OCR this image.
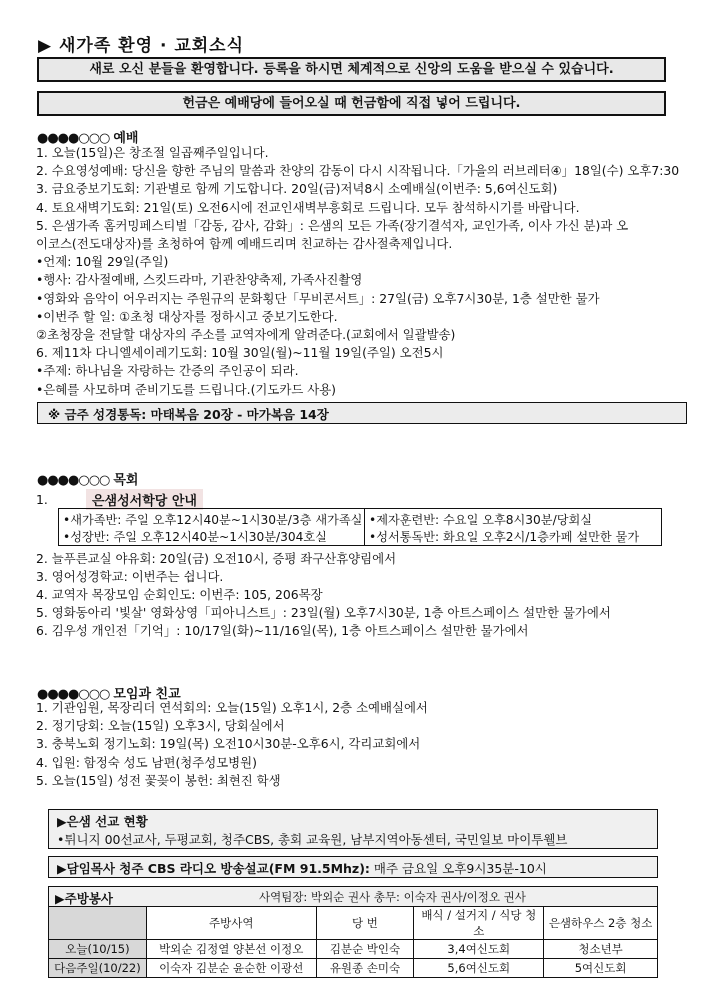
▶ 새가족 환영 · 교회소식
새로 오신 분들을 환영합니다. 등록을 하시면 체계적으로 신앙의 도움을 받으실 수 있습니다.
헌금은 예배당에 들어오실 때 헌금함에 직접 넣어 드립니다.
●●●●○○○ 예배
1. 오늘(15일)은 창조절 일곱째주일입니다.
2. 수요영성예배: 당신을 향한 주님의 말씀과 찬양의 감동이 다시 시작됩니다.「가을의 러브레터④」18일(수) 오후7:30
3. 금요중보기도회: 기관별로 함께 기도합니다. 20일(금)저녁8시 소예배실(이번주: 5,6여신도회)
4. 토요새벽기도회: 21일(토) 오전6시에 전교인새벽부흥회로 드립니다. 모두 참석하시기를 바랍니다.
5. 은샘가족 홈커밍페스티벌「감동, 감사, 감화」: 은샘의 모든 가족(장기결석자, 교인가족, 이사 가신 분)과 오
이코스(전도대상자)를 초청하여 함께 예배드리며 친교하는 감사절축제입니다.
•언제: 10월 29일(주일)
•행사: 감사절예배, 스킷드라마, 기관찬양축제, 가족사진촬영
•영화와 음악이 어우러지는 주원규의 문화횡단「무비콘서트」: 27일(금) 오후7시30분, 1층 설만한 물가
•이번주 할 일: ①초청 대상자를 정하시고 중보기도한다.
②초청장을 전달할 대상자의 주소를 교역자에게 알려준다.(교회에서 일괄발송)
6. 제11차 다니엘세이레기도회: 10월 30일(월)~11월 19일(주일) 오전5시
•주제: 하나님을 자랑하는 간증의 주인공이 되라.
•은혜를 사모하며 준비기도를 드립니다.(기도카드 사용)
※ 금주 성경통독: 마태복음 20장 - 마가복음 14장
●●●●○○○ 목회
1.	은샘성서학당 안내
•새가족반: 주일 오후12시40분~1시30분/3층 새가족실 •제자훈련반: 수요일 오후8시30분/당회실
•성장반: 주일 오후12시40분~1시30분/304호실	•성서통독반: 화요일 오후2시/1층카페 설만한 물가
2. 늘푸른교실 야유회: 20일(금) 오전10시, 증평 좌구산휴양림에서
3. 영어성경학교: 이번주는 쉽니다.
4. 교역자 목장모임 순회인도: 이번주: 105, 206목장
5. 영화동아리 '빛살' 영화상영「피아니스트」: 23일(월) 오후7시30분, 1층 아트스페이스 설만한 물가에서
6. 김우성 개인전「기억」: 10/17일(화)~11/16일(목), 1층 아트스페이스 설만한 물가에서
●●●●○○○ 모임과 친교
1. 기관임원, 목장리더 연석회의: 오늘(15일) 오후1시, 2층 소예배실에서
2. 정기당회: 오늘(15일) 오후3시, 당회실에서
3. 충북노회 정기노회: 19일(목) 오전10시30분-오후6시, 각리교회에서
4. 입원: 함정숙 성도 남편(청주성모병원)
5. 오늘(15일) 성전 꽃꽂이 봉헌: 최현진 학생
▶은샘 선교 현황
•튀니지 00선교사, 두평교회, 청주CBS, 총회 교육원, 남부지역아동센터, 국민일보 마이투웰브
▶담임목사 청주 CBS 라디오 방송설교(FM 91.5Mhz): 매주 금요일 오후9시35분-10시
▶주방봉사	사역팀장: 박외순 권사 총무: 이숙자 권사/이정오 권사
	주방사역	당 번	배식 / 설거지 / 식당 청소	은샘하우스 2층 청소
오늘(10/15)	박외순 김정열 양본선 이정오	김분순 박인숙	3,4여신도회	청소년부
다음주일(10/22)	이숙자 김분순 윤순한 이광선	유원종 손미숙	5,6여신도회	5여신도회
